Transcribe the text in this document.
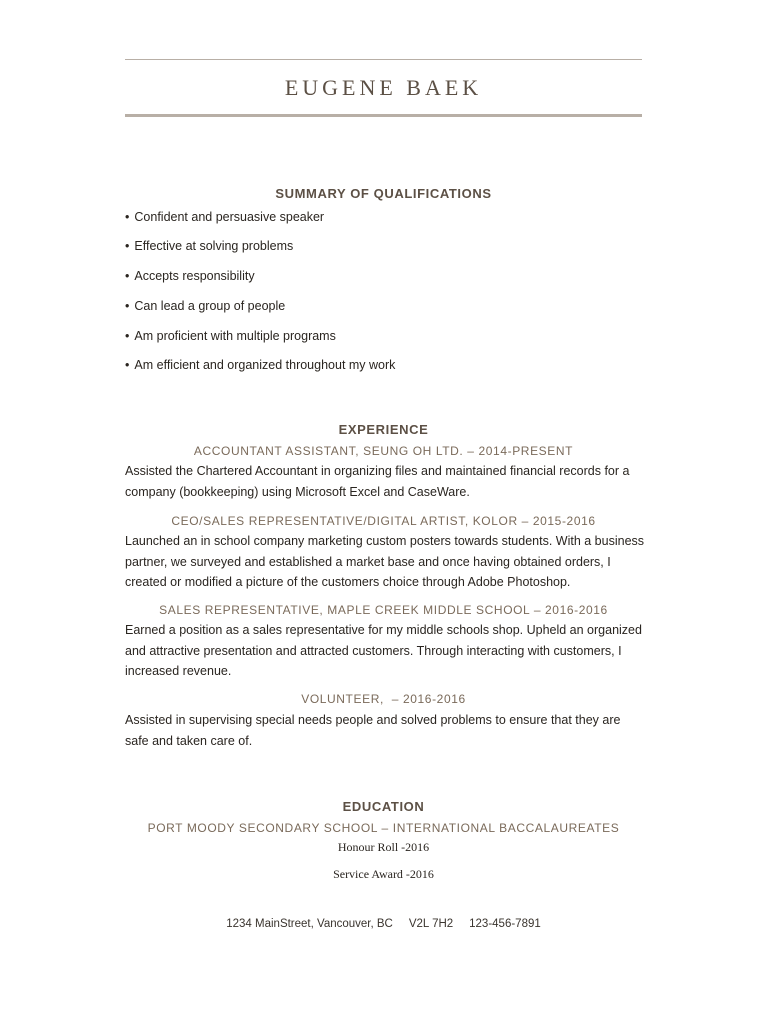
EUGENE BAEK
SUMMARY OF QUALIFICATIONS
• Confident and persuasive speaker
• Effective at solving problems
• Accepts responsibility
• Can lead a group of people
• Am proficient with multiple programs
• Am efficient and organized throughout my work
EXPERIENCE
ACCOUNTANT ASSISTANT, SEUNG OH LTD. – 2014-PRESENT
Assisted the Chartered Accountant in organizing files and maintained financial records for a company (bookkeeping) using Microsoft Excel and CaseWare.
CEO/SALES REPRESENTATIVE/DIGITAL ARTIST, KOLOR – 2015-2016
Launched an in school company marketing custom posters towards students. With a business partner, we surveyed and established a market base and once having obtained orders, I created or modified a picture of the customers choice through Adobe Photoshop.
SALES REPRESENTATIVE, MAPLE CREEK MIDDLE SCHOOL – 2016-2016
Earned a position as a sales representative for my middle schools shop. Upheld an organized and attractive presentation and attracted customers. Through interacting with customers, I increased revenue.
VOLUNTEER,  – 2016-2016
Assisted in supervising special needs people and solved problems to ensure that they are safe and taken care of.
EDUCATION
PORT MOODY SECONDARY SCHOOL – INTERNATIONAL BACCALAUREATES
Honour Roll -2016
Service Award -2016
1234 MainStreet, Vancouver, BC     V2L 7H2     123-456-7891
